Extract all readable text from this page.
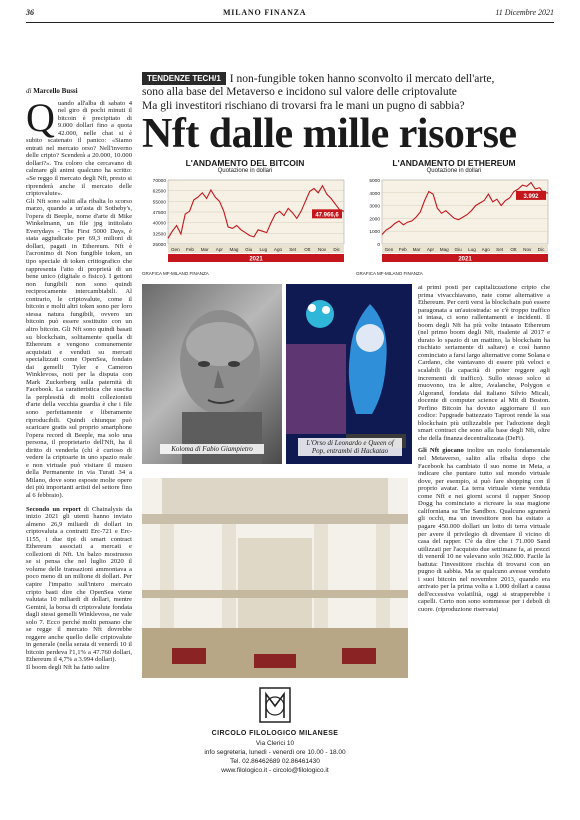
36	MILANO FINANZA	11 Dicembre 2021
TENDENZE TECH/1 I non-fungible token hanno sconvolto il mercato dell'arte,
sono alla base del Metaverso e incidono sul valore delle criptovalute
Ma gli investitori rischiano di trovarsi fra le mani un pugno di sabbia?
Nft dalle mille risorse
di Marcello Bussi

Quando all'alba di sabato 4 nel giro di pochi minuti il bitcoin è precipitato di 9.000 dollari fino a quota 42.000, nelle chat si è subito scatenato il panico: «Siamo entrati nel mercato orso? Nell'inverno delle cripto? Scenderà a 20.000, 10.000 dollari?». Tra coloro che cercavano di calmare gli animi qualcuno ha scritto: «Se reggo il mercato degli Nft, presto si riprenderà anche il mercato delle criptovalute».

Gli Nft sono saliti alla ribalta lo scorso marzo, quando a un'asta di Sotheby's, l'opera di Beeple, nome d'arte di Mike Winkelmann, un file jpg intitolato Everydays - The First 5000 Days, è stata aggiudicato per 69,3 milioni di dollari, pagati in Ethereum. Nft è l'acronimo di Non fungible token, un tipo speciale di token crittografico che rappresenta l'atto di proprietà di un bene unico (digitale o fisico). I gettoni non fungibili non sono quindi reciprocamente intercambiabili. Al contrario, le criptovalute, come il bitcoin e molti altri token sono per loro stessa natura fungibili, ovvero un bitcoin può essere sostituito con un altro bitcoin. Gli Nft sono quindi basati su blockchain, solitamente quella di Ethereum e vengono comunemente acquistati e venduti su mercati specializzati come OpenSea, fondato dai gemelli Tyler e Cameron Winklevoss, noti per la disputa con Mark Zuckerberg sulla paternità di Facebook. La caratteristica che suscita la perplessità di molti collezionisti d'arte della vecchia guardia è che i file sono perfettamente e liberamente riproducibili. Quindi chiunque può scaricare gratis sul proprio smartphone l'opera record di Beeple, ma solo una persona, il proprietario dell'Nft, ha il diritto di venderla (chi è curioso di vedere la criptoarte in uno spazio reale e non virtuale può visitare il museo della Permanente in via Turati 34 a Milano, dove sono esposte molte opere dei più importanti artisti del settore fino al 6 febbraio).

Secondo un report di Chainalysis da inizio 2021 gli utenti hanno inviato almeno 26,9 miliardi di dollari in criptovaluta a contratti Erc-721 e Erc-1155, i due tipi di smart contract Ethereum associati a mercati e collezioni di Nft. Un balzo mostruoso se si pensa che nel luglio 2020 il volume delle transazioni ammontava a poco meno di un milione di dollari. Per capire l'impatto sull'intero mercato cripto basti dire che OpenSea viene valutata 10 miliardi di dollari, mentre Gemini, la borsa di criptovalute fondata dagli stessi gemelli Winklevoss, ne vale solo 7. Ecco perché molti pensano che se regge il mercato Nft dovrebbe reggere anche quello delle criptovalute in generale (nella serata di venerdì 10 il bitcoin perdeva l'1,1% a 47.760 dollari, Ethereum il 4,7% a 3.994 dollari).

Il boom degli Nft ha fatto salire

L'ANDAMENTO DEL BITCOIN
Quotazione in dollari
25000
32500
40000
47500
55000
62500
70000
47.966,6
Gen Feb Mar Apr Mag Giu Lug Ago Set Ott Nov Dic
2021
GRAFICA MF-MILANO FINANZA
L'ANDAMENTO DI ETHEREUM
Quotazione in dollari
0
1000
2000
3000
4000
5000
3.992
Gen Feb Mar Apr Mag Giu Lug Ago Set Ott Nov Dic
2021
GRAFICA MF-MILANO FINANZA
Koloma di Fabio Giampietro
L'Orso di Leonardo e Queen of Pop, entrambi di Hackatao

ai primi posti per capitalizzazione cripto che prima vivacchiavano, nate come alternative a Ethereum. Per certi versi la blockchain può essere paragonata a un'autostrada: se c'è troppo traffico si intasa, ci sono rallentamenti e incidenti. Il boom degli Nft ha più volte intasato Ethereum (nel primo boom degli Nft, risalente al 2017 e durato lo spazio di un mattino, la blockchain ha rischiato seriamente di saltare) e così hanno cominciato a farsi largo alternative come Solana e Cardano, che vantavano di essere più veloci e scalabili (la capacità di poter reggere agli incrementi di traffico). Sullo stesso solco si muovono, tra le altre, Avalanche, Polygon e Algorand, fondata dal italiano Silvio Micali, docente di computer science al Mit di Boston. Perfino Bitcoin ha dovuto aggiornare il suo codice: l'upgrade battezzato Taproot rende la sua blockchain più utilizzabile per l'adozione degli smart contract che sono alla base degli Nft, oltre che della finanza decentralizzata (DeFi).

Gli Nft giocano inoltre un ruolo fondamentale nel Metaverso, salito alla ribalta dopo che Facebook ha cambiato il suo nome in Meta, a indicare che puntare tutto sul mondo virtuale dove, per esempio, si può fare shopping con il proprio avatar. La terra virtuale viene venduta come Nft e nei giorni scorsi il rapper Snoop Dogg ha cominciato a ricreare la sua magione californiana su The Sandbox. Qualcuno sgranerà gli occhi, ma un investitore non ha esitato a pagare 450.000 dollari un lotto di terra virtuale per avere il privilegio di diventare il vicino di casa del rapper. C'è da dire che i 71.000 Sand utilizzati per l'acquisto due settimane fa, ai prezzi di venerdì 10 ne valevano solo 362.000. Facile la battuta: l'investitore rischia di trovarsi con un pugno di sabbia. Ma se qualcuno avesse venduto i suoi bitcoin nel novembre 2013, quando era arrivato per la prima volta a 1.000 dollari a causa dell'eccessiva volatilità, oggi si strapperebbe i capelli. Certo non sono sommesse per i deboli di cuore. (riproduzione riservata)

CIRCOLO FILOLOGICO MILANESE
Via Clerici 10
info segreteria, lunedì - venerdì ore 10.00 - 18.00
Tel. 02.86462689 02.86461430
www.filologico.it - circolo@filologico.it
